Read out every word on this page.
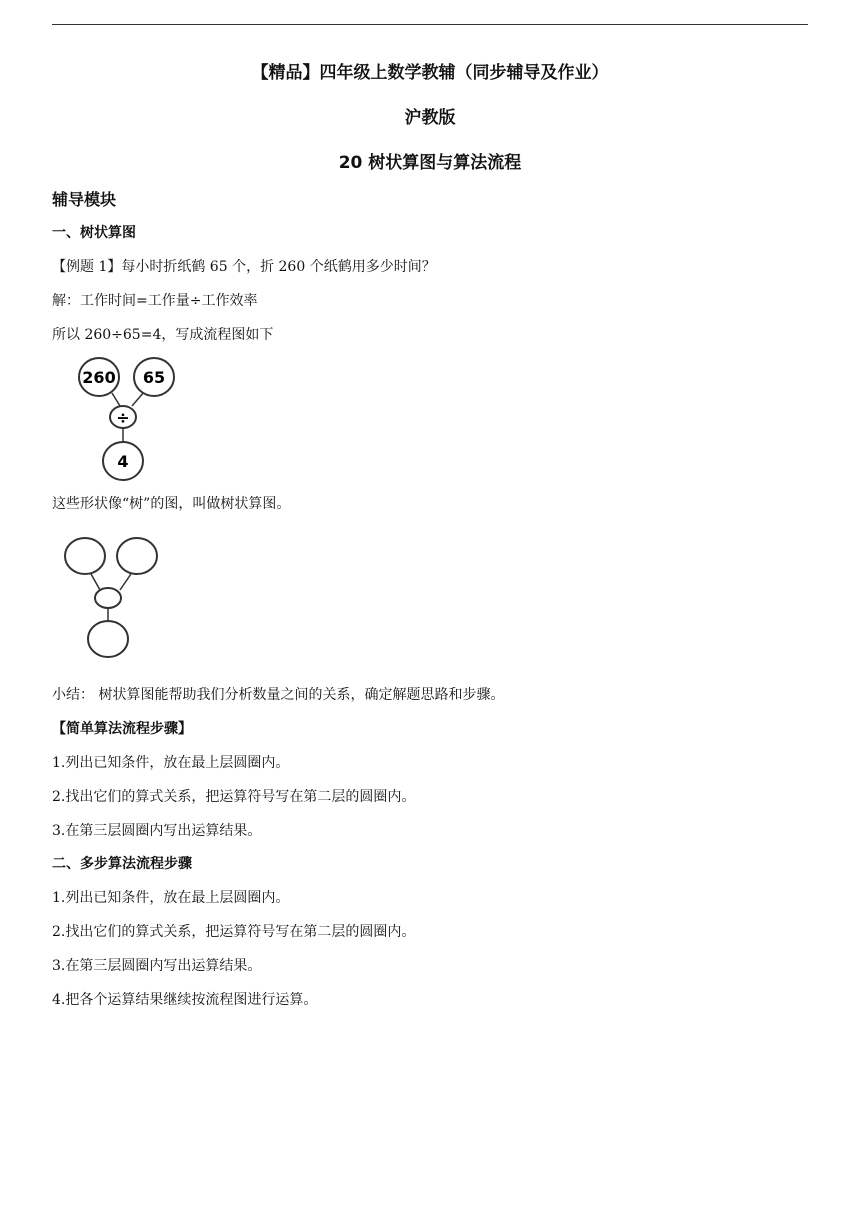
【精品】四年级上数学教辅（同步辅导及作业）
沪教版
20 树状算图与算法流程
辅导模块
一、树状算图
【例题 1】每小时折纸鹤 65 个，折 260 个纸鹤用多少时间？
解：工作时间=工作量÷工作效率
所以 260÷65=4，写成流程图如下
260 65
÷
4
这些形状像“树”的图，叫做树状算图。
小结： 树状算图能帮助我们分析数量之间的关系，确定解题思路和步骤。
【简单算法流程步骤】
1.列出已知条件，放在最上层圆圈内。
2.找出它们的算式关系，把运算符号写在第二层的圆圈内。
3.在第三层圆圈内写出运算结果。
二、多步算法流程步骤
1.列出已知条件，放在最上层圆圈内。
2.找出它们的算式关系，把运算符号写在第二层的圆圈内。
3.在第三层圆圈内写出运算结果。
4.把各个运算结果继续按流程图进行运算。
